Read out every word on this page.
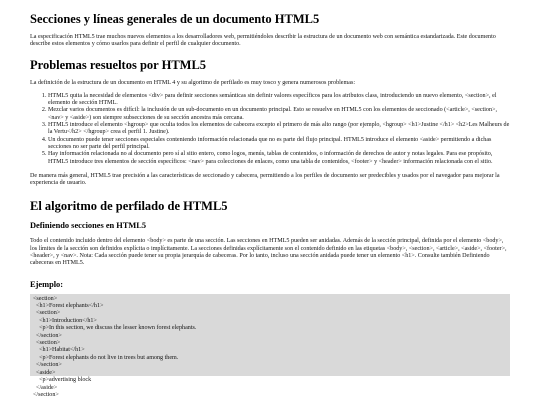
Secciones y líneas generales de un documento HTML5

La especificación HTML5 trae muchos nuevos elementos a los desarrolladores web, permitiéndoles describir la estructura de un documento web con semántica estandarizada. Este documento describe estos elementos y cómo usarlos para definir el perfil de cualquier documento.

Problemas resueltos por HTML5

La definición de la estructura de un documento en HTML 4 y su algoritmo de perfilado es muy tosco y genera numerosos problemas:

1. HTML5 quita la necesidad de elementos <div> para definir secciones semánticas sin definir valores específicos para los atributos class, introduciendo un nuevo elemento, <section>, el elemento de sección HTML.
2. Mezclar varios documentos es difícil: la inclusión de un sub-documento en un documento principal. Esto se resuelve en HTML5 con los elementos de seccionado (<article>, <section>, <nav> y <aside>) son siempre subsecciones de su sección ancestra más cercana.
3. HTML5 introduce el elemento <hgroup> que oculta todos los elementos de cabecera excepto el primero de más alto rango (por ejemplo, <hgroup> <h1>Justine </h1> <h2>Les Malheurs de la Vertu</h2> </hgroup> crea el perfil 1. Justine).
4. Un documento puede tener secciones especiales conteniendo información relacionada que no es parte del flujo principal. HTML5 introduce el elemento <aside> permitiendo a dichas secciones no ser parte del perfil principal.
5. Hay información relacionada no al documento pero sí al sitio entero, como logos, menús, tablas de contenidos, o información de derechos de autor y notas legales. Para ese propósito, HTML5 introduce tres elementos de sección específicos: <nav> para colecciones de enlaces, como una tabla de contenidos, <footer> y <header> información relacionada con el sitio.

De manera más general, HTML5 trae precisión a las características de seccionado y cabecera, permitiendo a los perfiles de documento ser predecibles y usados por el navegador para mejorar la experiencia de usuario.

El algoritmo de perfilado de HTML5
Definiendo secciones en HTML5

Todo el contenido incluido dentro del elemento <body> es parte de una sección. Las secciones en HTML5 pueden ser anidadas. Además de la sección principal, definida por el elemento <body>, los límites de la sección son definidos explícita o implícitamente. La secciones definidas explícitamente son el contenido definido en las etiquetas <body>, <section>, <article>, <aside>, <footer>, <header>, y <nav>. Nota: Cada sección puede tener su propia jerarquía de cabeceras. Por lo tanto, incluso una sección anidada puede tener un elemento <h1>. Consulte también Definiendo cabeceras en HTML5.

Ejemplo:
<section>
<h1>Forest elephants</h1>
<section>
<h1>Introduction</h1>
<p>In this section, we discuss the lesser known forest elephants.
</section>
<section>
<h1>Habitat</h1>
<p>Forest elephants do not live in trees but among them.
</section>
<aside>
<p>advertising block
</aside>
</section>
